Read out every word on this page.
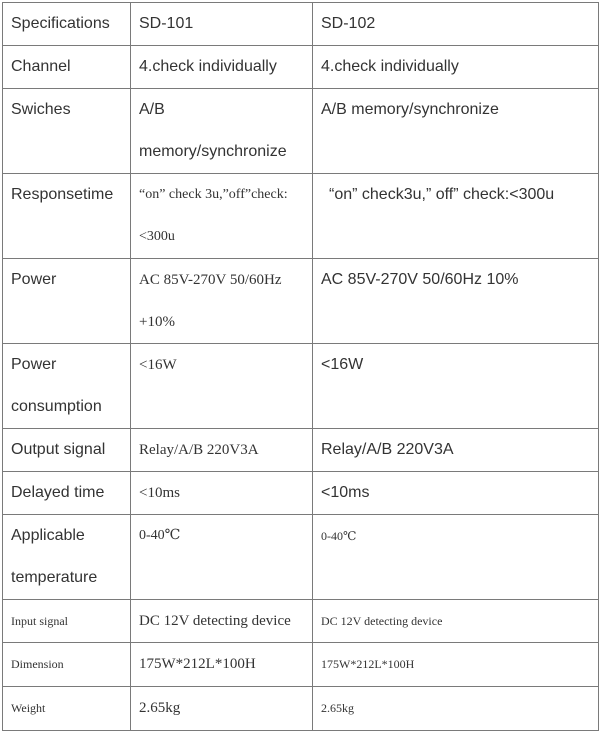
Specifications	SD-101	SD-102
Channel	4.check individually	4.check individually
Swiches	A/B memory/synchronize	A/B memory/synchronize
Responsetime	“on” check 3u,”off”check:<300u	“on” check3u,” off” check:<300u
Power	AC 85V-270V 50/60Hz +10%	AC 85V-270V 50/60Hz 10%
Power consumption	<16W	<16W
Output signal	Relay/A/B 220V3A	Relay/A/B 220V3A
Delayed time	<10ms	<10ms
Applicable temperature	0-40℃	0-40℃
Input signal	DC 12V detecting device	DC 12V detecting device
Dimension	175W*212L*100H	175W*212L*100H
Weight	2.65kg	2.65kg
